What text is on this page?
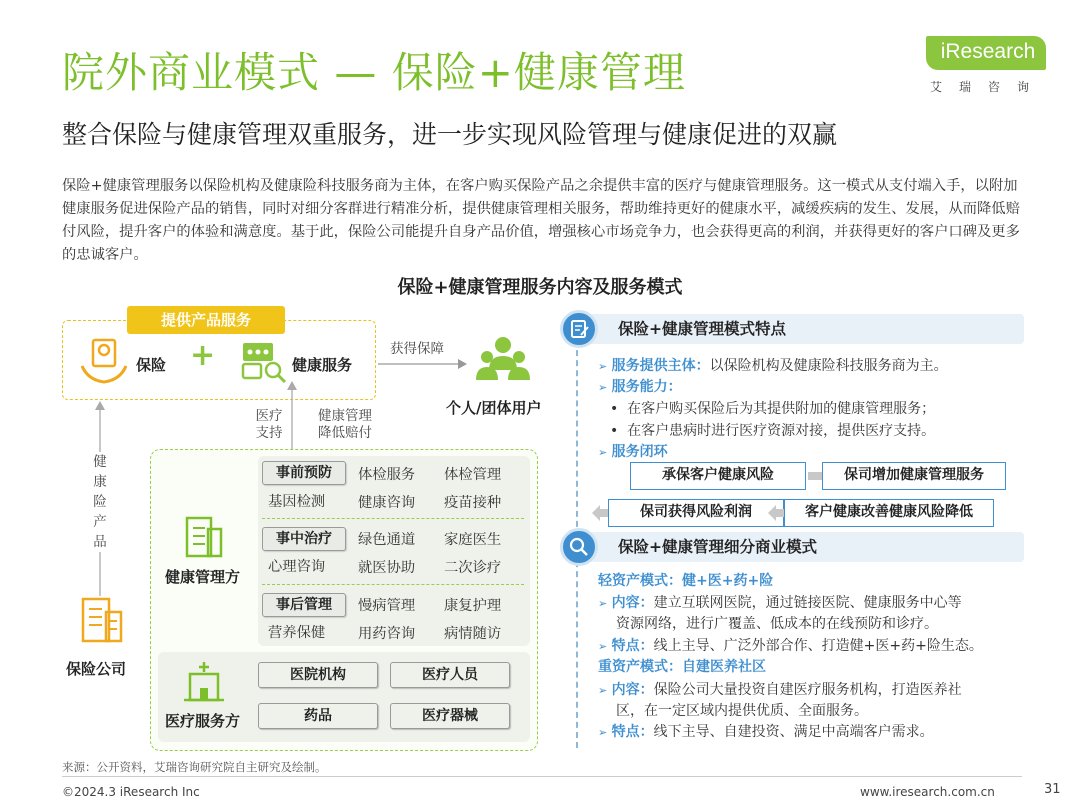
院外商业模式 — 保险+健康管理
整合保险与健康管理双重服务，进一步实现风险管理与健康促进的双赢
iResearch
艾瑞咨询
保险+健康管理服务以保险机构及健康险科技服务商为主体，在客户购买保险产品之余提供丰富的医疗与健康管理服务。这一模式从支付端入手，以附加健康服务促进保险产品的销售，同时对细分客群进行精准分析，提供健康管理相关服务，帮助维持更好的健康水平，减缓疾病的发生、发展，从而降低赔付风险，提升客户的体验和满意度。基于此，保险公司能提升自身产品价值，增强核心市场竞争力，也会获得更高的利润，并获得更好的客户口碑及更多的忠诚客户。
保险+健康管理服务内容及服务模式
提供产品服务
保险 +	健康服务
获得保障
个人/团体用户
健康险产品
医疗
支持
健康管理
降低赔付
保险公司
健康管理方
事前预防	体检服务 体检管理
基因检测 健康咨询 疫苗接种
事中治疗	绿色通道 家庭医生
心理咨询 就医协助 二次诊疗
事后管理	慢病管理 康复护理
营养保健 用药咨询 病情随访
医疗服务方
医院机构	医疗人员
药品	医疗器械
保险+健康管理模式特点
➢ 服务提供主体：以保险机构及健康险科技服务商为主。
➢ 服务能力：
•  在客户购买保险后为其提供附加的健康管理服务；
•  在客户患病时进行医疗资源对接，提供医疗支持。
➢ 服务闭环
承保客户健康风险	保司增加健康管理服务
保司获得风险利润	客户健康改善健康风险降低
保险+健康管理细分商业模式
轻资产模式：健+医+药+险
➢ 内容：建立互联网医院，通过链接医院、健康服务中心等
资源网络，进行广覆盖、低成本的在线预防和诊疗。
➢ 特点：线上主导、广泛外部合作、打造健+医+药+险生态。
重资产模式：自建医养社区
➢ 内容：保险公司大量投资自建医疗服务机构，打造医养社
区，在一定区域内提供优质、全面服务。
➢ 特点：线下主导、自建投资、满足中高端客户需求。
来源：公开资料，艾瑞咨询研究院自主研究及绘制。
©2024.3 iResearch Inc	www.iresearch.com.cn	31
